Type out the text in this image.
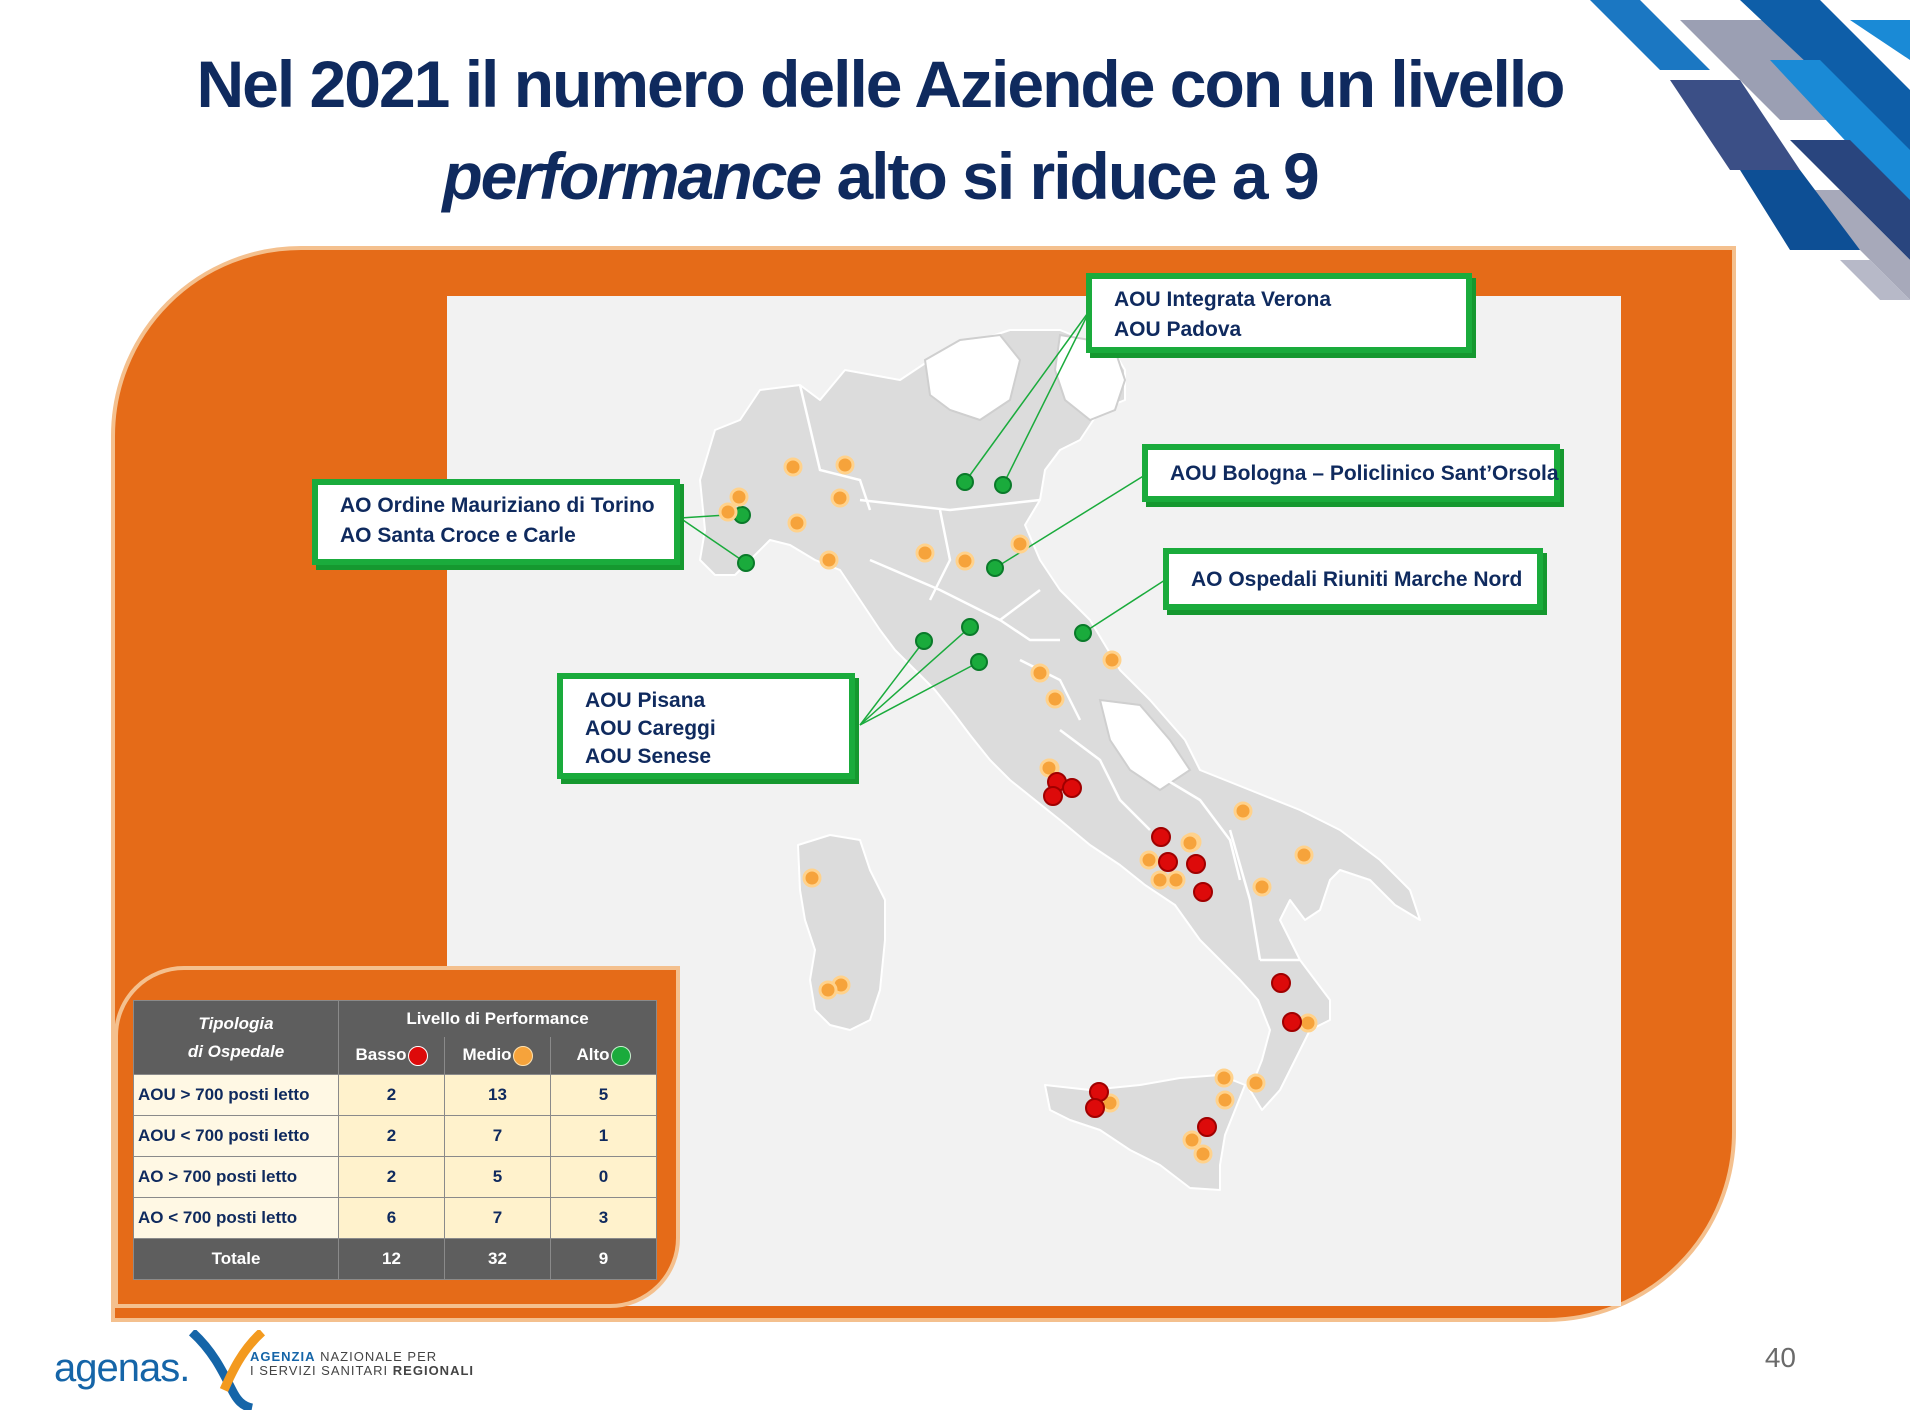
Nel 2021 il numero delle Aziende con un livello
performance alto si riduce a 9
AOU Integrata Verona
AOU Padova
AOU Bologna – Policlinico Sant’Orsola
AO Ospedali Riuniti Marche Nord
AO Ordine Mauriziano di Torino
AO Santa Croce e Carle
AOU Pisana
AOU Careggi
AOU Senese
Tipologia
di Ospedale	Livello di Performance		
	Basso	Medio	Alto
AOU > 700 posti letto	2	13	5
AOU < 700 posti letto	2	7	1
AO > 700 posti letto	2	5	0
AO < 700 posti letto	6	7	3
Totale	12	32	9
agenas.	AGENZIA NAZIONALE PER
I SERVIZI SANITARI REGIONALI	40
